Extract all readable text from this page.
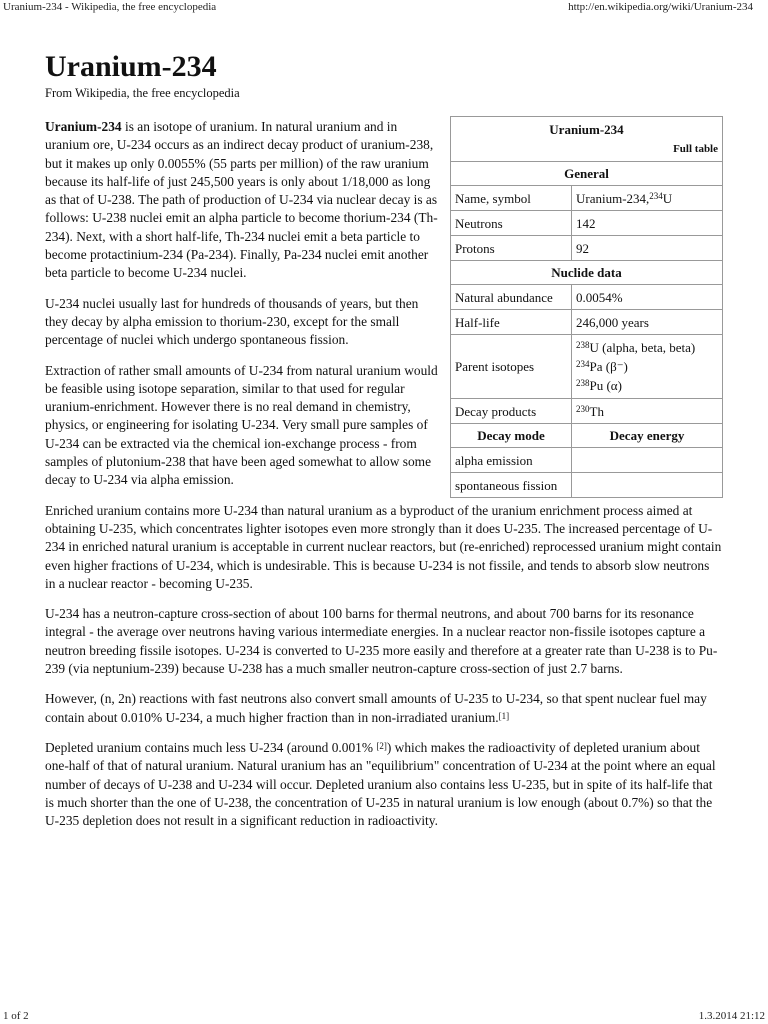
Uranium-234 - Wikipedia, the free encyclopedia	http://en.wikipedia.org/wiki/Uranium-234
Uranium-234
From Wikipedia, the free encyclopedia
Uranium-234
Full table	

General	
Name, symbol	Uranium-234,$^{234}$U
Neutrons	142
Protons	92
Nuclide data	
Natural abundance	0.0054%
Half-life	246,000 years
Parent isotopes	$^{238}$U (alpha, beta, beta)
$^{234}$Pa (β⁻)
$^{238}$Pu (α)

Decay products	$^{230}$Th
Decay mode	Decay energy
alpha emission	
spontaneous fission	

Uranium-234 is an isotope of uranium. In natural uranium and in uranium ore, U-234 occurs as an indirect decay product of uranium-238, but it makes up only 0.0055% (55 parts per million) of the raw uranium because its half-life of just 245,500 years is only about 1/18,000 as long as that of U-238. The path of production of U-234 via nuclear decay is as follows: U-238 nuclei emit an alpha particle to become thorium-234 (Th-234). Next, with a short half-life, Th-234 nuclei emit a beta particle to become protactinium-234 (Pa-234). Finally, Pa-234 nuclei emit another beta particle to become U-234 nuclei.

U-234 nuclei usually last for hundreds of thousands of years, but then they decay by alpha emission to thorium-230, except for the small percentage of nuclei which undergo spontaneous fission.

Extraction of rather small amounts of U-234 from natural uranium would be feasible using isotope separation, similar to that used for regular uranium-enrichment. However there is no real demand in chemistry, physics, or engineering for isolating U-234. Very small pure samples of U-234 can be extracted via the chemical ion-exchange process - from samples of plutonium-238 that have been aged somewhat to allow some decay to U-234 via alpha emission.

Enriched uranium contains more U-234 than natural uranium as a byproduct of the uranium enrichment process aimed at obtaining U-235, which concentrates lighter isotopes even more strongly than it does U-235. The increased percentage of U-234 in enriched natural uranium is acceptable in current nuclear reactors, but (re-enriched) reprocessed uranium might contain even higher fractions of U-234, which is undesirable. This is because U-234 is not fissile, and tends to absorb slow neutrons in a nuclear reactor - becoming U-235.

U-234 has a neutron-capture cross-section of about 100 barns for thermal neutrons, and about 700 barns for its resonance integral - the average over neutrons having various intermediate energies. In a nuclear reactor non-fissile isotopes capture a neutron breeding fissile isotopes. U-234 is converted to U-235 more easily and therefore at a greater rate than U-238 is to Pu-239 (via neptunium-239) because U-238 has a much smaller neutron-capture cross-section of just 2.7 barns.

However, (n, 2n) reactions with fast neutrons also convert small amounts of U-235 to U-234, so that spent nuclear fuel may contain about 0.010% U-234, a much higher fraction than in non-irradiated uranium.[1]

Depleted uranium contains much less U-234 (around 0.001% [2]) which makes the radioactivity of depleted uranium about one-half of that of natural uranium. Natural uranium has an "equilibrium" concentration of U-234 at the point where an equal number of decays of U-238 and U-234 will occur. Depleted uranium also contains less U-235, but in spite of its half-life that is much shorter than the one of U-238, the concentration of U-235 in natural uranium is low enough (about 0.7%) so that the U-235 depletion does not result in a significant reduction in radioactivity.

1 of 2	1.3.2014 21:12
